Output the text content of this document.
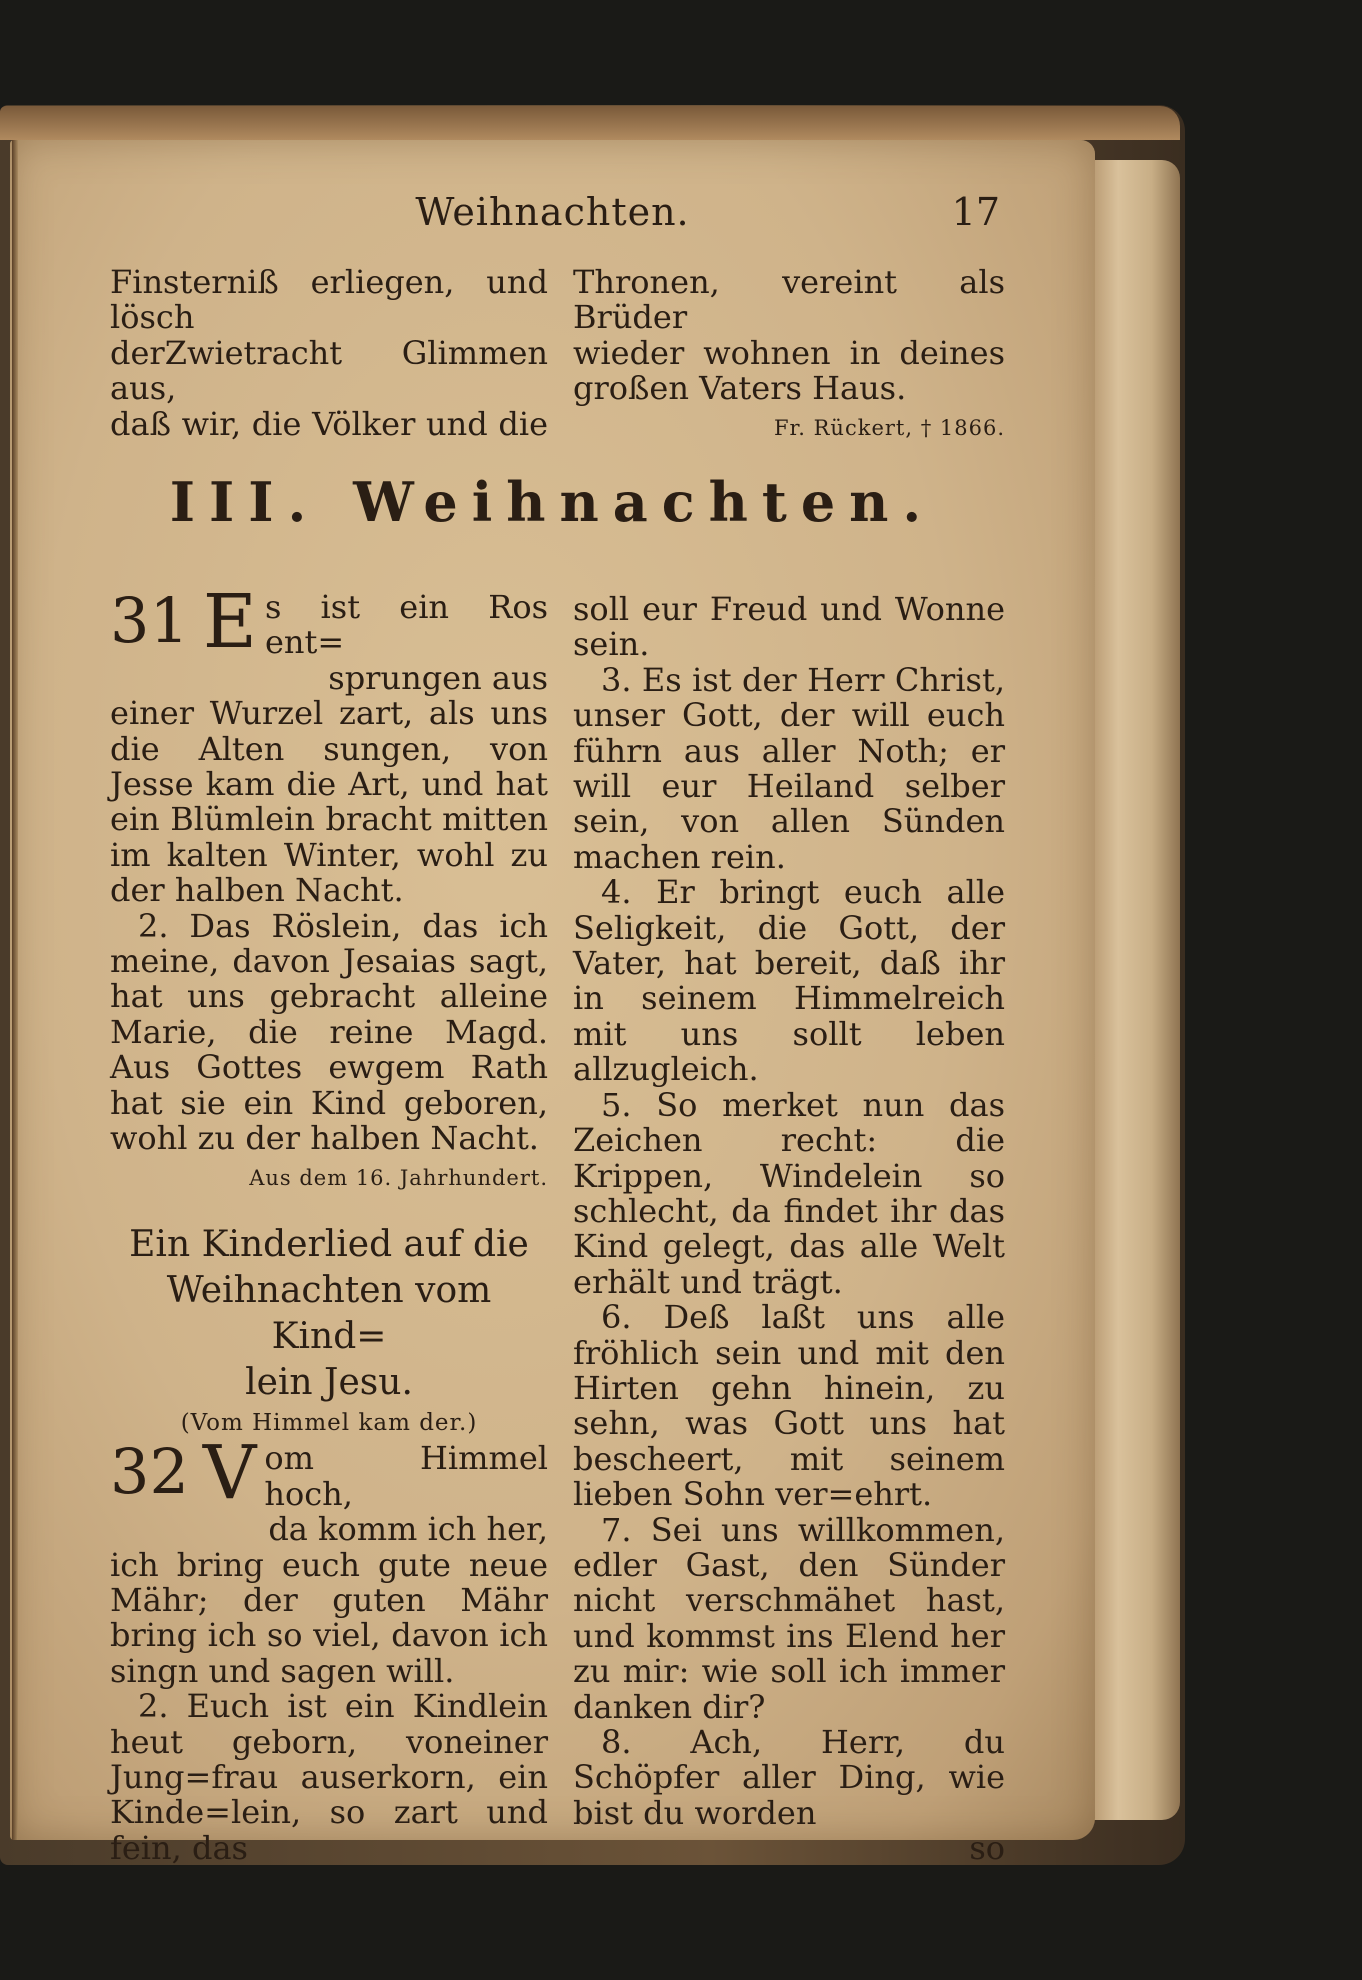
Weihnachten.	17

Finsterniß erliegen, und lösch

derZwietracht Glimmen aus,

daß wir, die Völker und die

Thronen, vereint als Brüder

wieder wohnen in deines

großen Vaters Haus.

Fr. Rückert, † 1866.
III. Weihnachten.
31 E s ist ein Ros ent=

sprungen aus

einer Wurzel zart, als uns die Alten sungen, von Jesse kam die Art, und hat ein Blümlein bracht mitten im kalten Winter, wohl zu der halben Nacht.

2. Das Röslein, das ich meine, davon Jesaias sagt, hat uns gebracht alleine Marie, die reine Magd. Aus Gottes ewgem Rath hat sie ein Kind geboren, wohl zu der halben Nacht.

Aus dem 16. Jahrhundert.

Ein Kinderlied auf die

Weihnachten vom Kind=

lein Jesu.

(Vom Himmel kam der.)

32 V om Himmel hoch,

da komm ich her,

ich bring euch gute neue Mähr; der guten Mähr bring ich so viel, davon ich singn und sagen will.

2. Euch ist ein Kindlein heut geborn, voneiner Jung=frau auserkorn, ein Kinde=lein, so zart und fein, das

soll eur Freud und Wonne sein.

3. Es ist der Herr Christ, unser Gott, der will euch führn aus aller Noth; er will eur Heiland selber sein, von allen Sünden machen rein.

4. Er bringt euch alle Seligkeit, die Gott, der Vater, hat bereit, daß ihr in seinem Himmelreich mit uns sollt leben allzugleich.

5. So merket nun das Zeichen recht: die Krippen, Windelein so schlecht, da findet ihr das Kind gelegt, das alle Welt erhält und trägt.

6. Deß laßt uns alle fröhlich sein und mit den Hirten gehn hinein, zu sehn, was Gott uns hat bescheert, mit seinem lieben Sohn ver=ehrt.

7. Sei uns willkommen, edler Gast, den Sünder nicht verschmähet hast, und kommst ins Elend her zu mir: wie soll ich immer danken dir?

8. Ach, Herr, du Schöpfer aller Ding, wie bist du worden

so
